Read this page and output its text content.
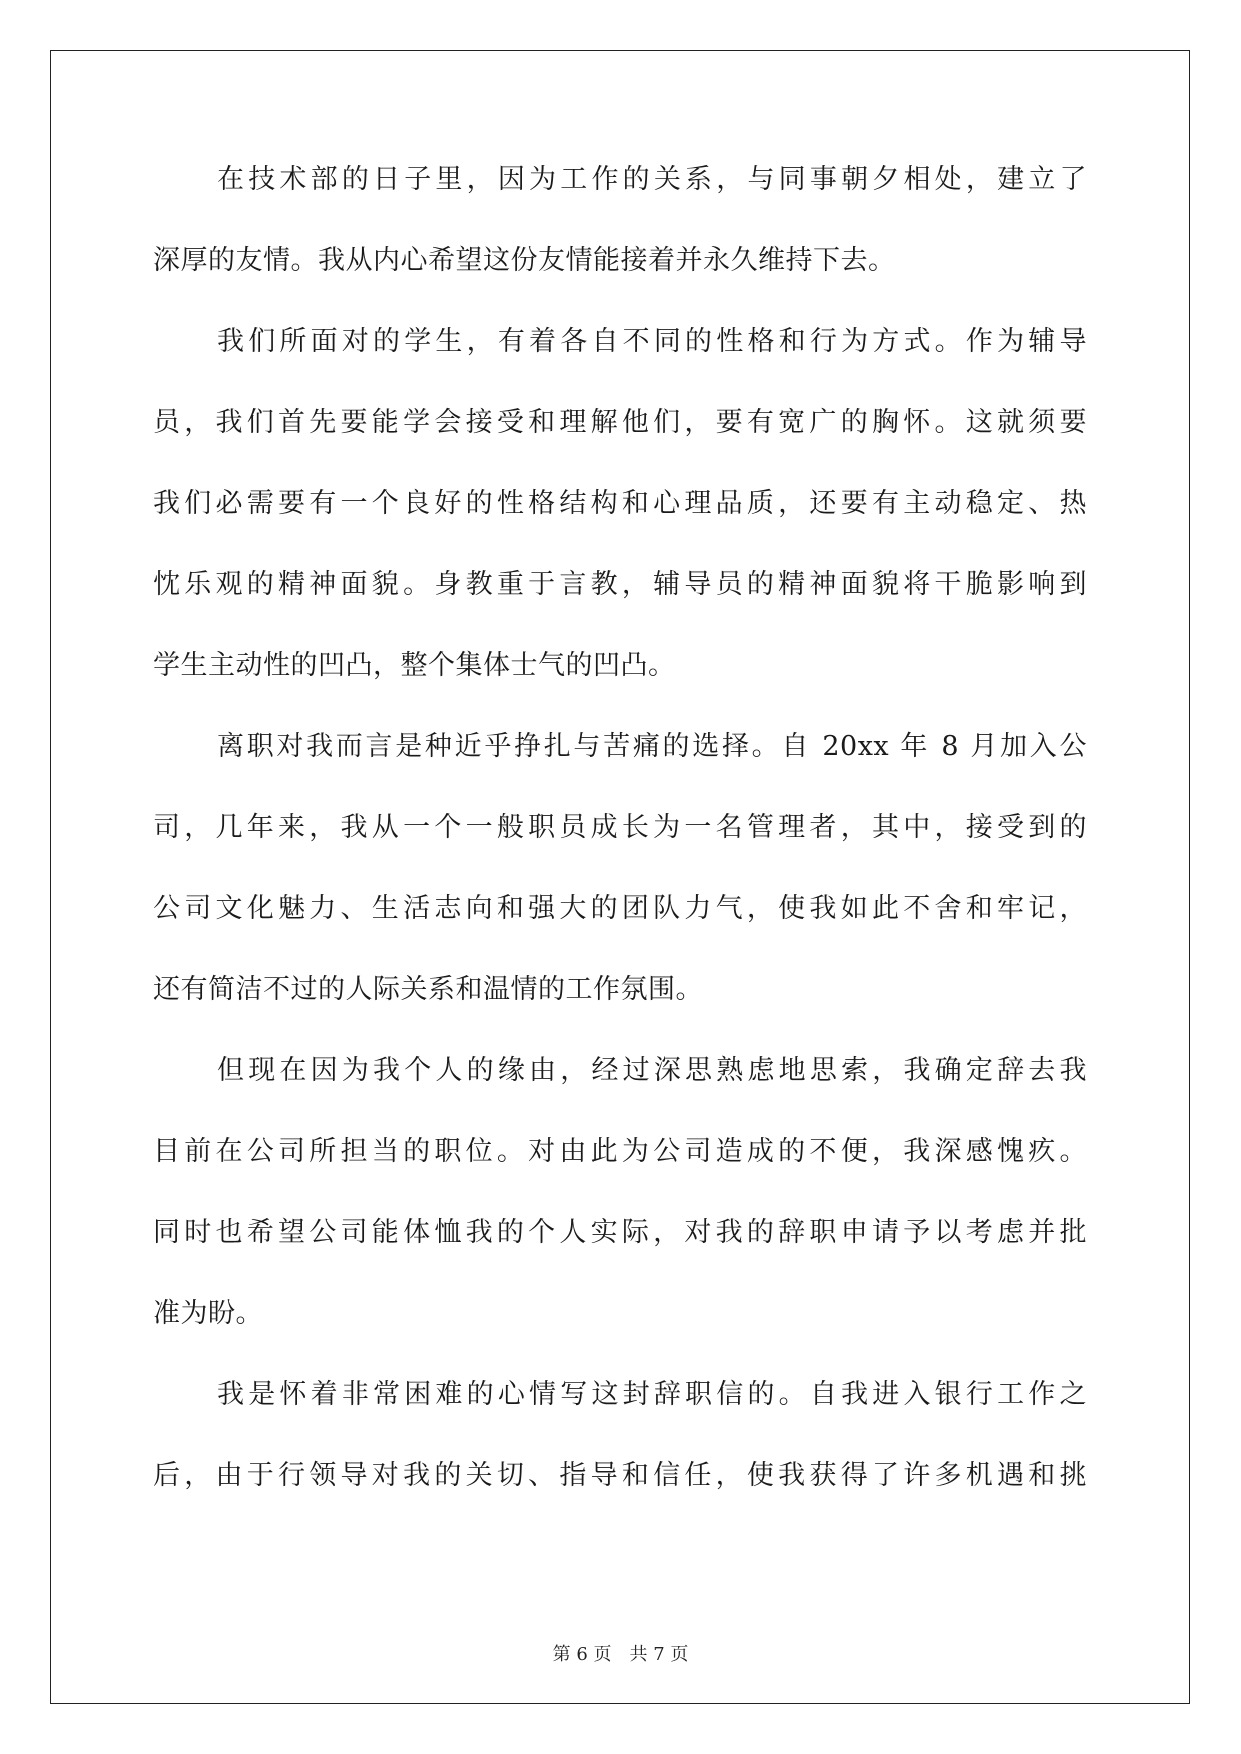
在技术部的日子里，因为工作的关系，与同事朝夕相处，建立了
深厚的友情。我从内心希望这份友情能接着并永久维持下去。
我们所面对的学生，有着各自不同的性格和行为方式。作为辅导
员，我们首先要能学会接受和理解他们，要有宽广的胸怀。这就须要
我们必需要有一个良好的性格结构和心理品质，还要有主动稳定、热
忱乐观的精神面貌。身教重于言教，辅导员的精神面貌将干脆影响到
学生主动性的凹凸，整个集体士气的凹凸。
离职对我而言是种近乎挣扎与苦痛的选择。自 20xx 年 8 月加入公
司，几年来，我从一个一般职员成长为一名管理者，其中，接受到的
公司文化魅力、生活志向和强大的团队力气，使我如此不舍和牢记，
还有简洁不过的人际关系和温情的工作氛围。
但现在因为我个人的缘由，经过深思熟虑地思索，我确定辞去我
目前在公司所担当的职位。对由此为公司造成的不便，我深感愧疚。
同时也希望公司能体恤我的个人实际，对我的辞职申请予以考虑并批
准为盼。
我是怀着非常困难的心情写这封辞职信的。自我进入银行工作之
后，由于行领导对我的关切、指导和信任，使我获得了许多机遇和挑
第 6 页　共 7 页
